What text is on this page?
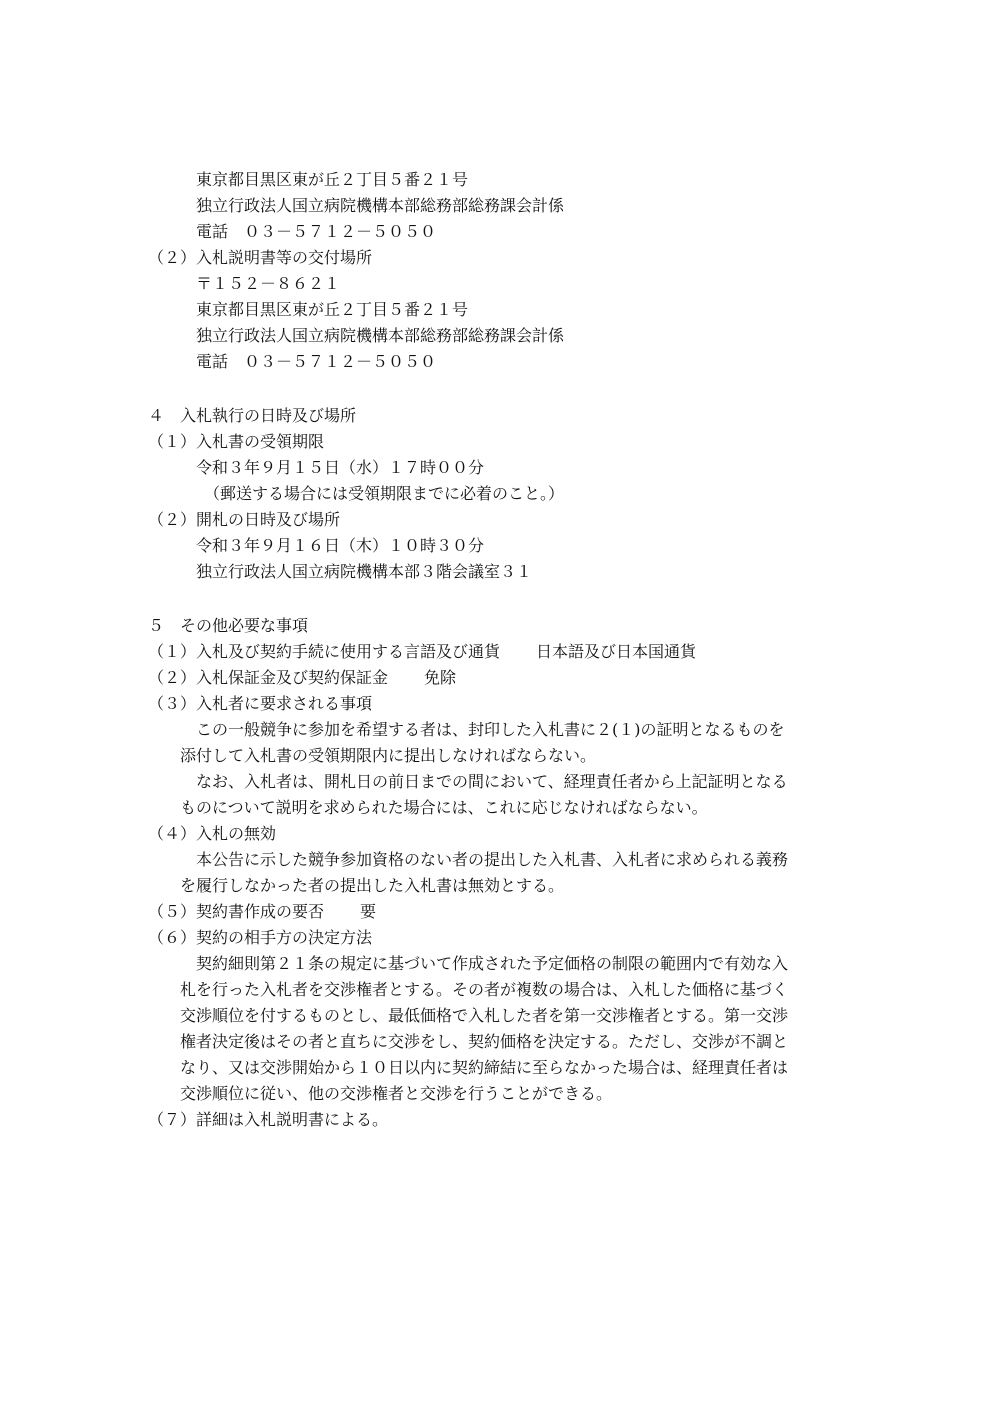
東京都目黒区東が丘２丁目５番２１号
独立行政法人国立病院機構本部総務部総務課会計係
電話　０３－５７１２－５０５０
（２）入札説明書等の交付場所
〒１５２－８６２１
東京都目黒区東が丘２丁目５番２１号
独立行政法人国立病院機構本部総務部総務課会計係
電話　０３－５７１２－５０５０
４　入札執行の日時及び場所
（１）入札書の受領期限
令和３年９月１５日（水）１７時００分
（郵送する場合には受領期限までに必着のこと。）
（２）開札の日時及び場所
令和３年９月１６日（木）１０時３０分
独立行政法人国立病院機構本部３階会議室３１
５　その他必要な事項
（１）入札及び契約手続に使用する言語及び通貨 日本語及び日本国通貨
（２）入札保証金及び契約保証金 免除
（３）入札者に要求される事項
この一般競争に参加を希望する者は、封印した入札書に２(１)の証明となるものを
添付して入札書の受領期限内に提出しなければならない。
なお、入札者は、開札日の前日までの間において、経理責任者から上記証明となる
ものについて説明を求められた場合には、これに応じなければならない。
（４）入札の無効
本公告に示した競争参加資格のない者の提出した入札書、入札者に求められる義務
を履行しなかった者の提出した入札書は無効とする。
（５）契約書作成の要否 要
（６）契約の相手方の決定方法
契約細則第２１条の規定に基づいて作成された予定価格の制限の範囲内で有効な入
札を行った入札者を交渉権者とする。その者が複数の場合は、入札した価格に基づく
交渉順位を付するものとし、最低価格で入札した者を第一交渉権者とする。第一交渉
権者決定後はその者と直ちに交渉をし、契約価格を決定する。ただし、交渉が不調と
なり、又は交渉開始から１０日以内に契約締結に至らなかった場合は、経理責任者は
交渉順位に従い、他の交渉権者と交渉を行うことができる。
（７）詳細は入札説明書による。
